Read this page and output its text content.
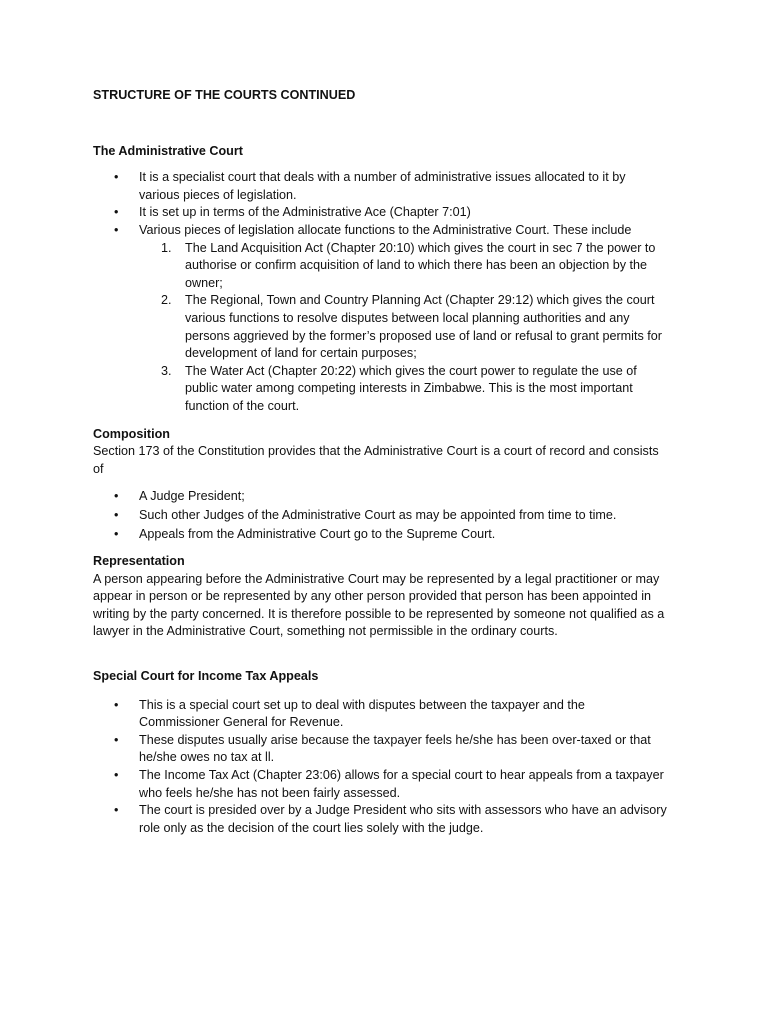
STRUCTURE OF THE COURTS CONTINUED

The Administrative Court

•	It is a specialist court that deals with a number of administrative issues allocated to it by various pieces of legislation.
•	It is set up in terms of the Administrative Ace (Chapter 7:01)
•	Various pieces of legislation allocate functions to the Administrative Court. These include
1. The Land Acquisition Act (Chapter 20:10) which gives the court in sec 7 the power to authorise or confirm acquisition of land to which there has been an objection by the owner;
2. The Regional, Town and Country Planning Act (Chapter 29:12) which gives the court various functions to resolve disputes between local planning authorities and any persons aggrieved by the former’s proposed use of land or refusal to grant permits for development of land for certain purposes;
3. The Water Act (Chapter 20:22) which gives the court power to regulate the use of public water among competing interests in Zimbabwe. This is the most important function of the court.

Composition

Section 173 of the Constitution provides that the Administrative Court is a court of record and consists of

•	A Judge President;
•	Such other Judges of the Administrative Court as may be appointed from time to time.
•	Appeals from the Administrative Court go to the Supreme Court.

Representation

A person appearing before the Administrative Court may be represented by a legal practitioner or may appear in person or be represented by any other person provided that person has been appointed in writing by the party concerned. It is therefore possible to be represented by someone not qualified as a lawyer in the Administrative Court, something not permissible in the ordinary courts.

Special Court for Income Tax Appeals

•	This is a special court set up to deal with disputes between the taxpayer and the Commissioner General for Revenue.
•	These disputes usually arise because the taxpayer feels he/she has been over-taxed or that he/she owes no tax at ll.
•	The Income Tax Act (Chapter 23:06) allows for a special court to hear appeals from a taxpayer who feels he/she has not been fairly assessed.
•	The court is presided over by a Judge President who sits with assessors who have an advisory role only as the decision of the court lies solely with the judge.
